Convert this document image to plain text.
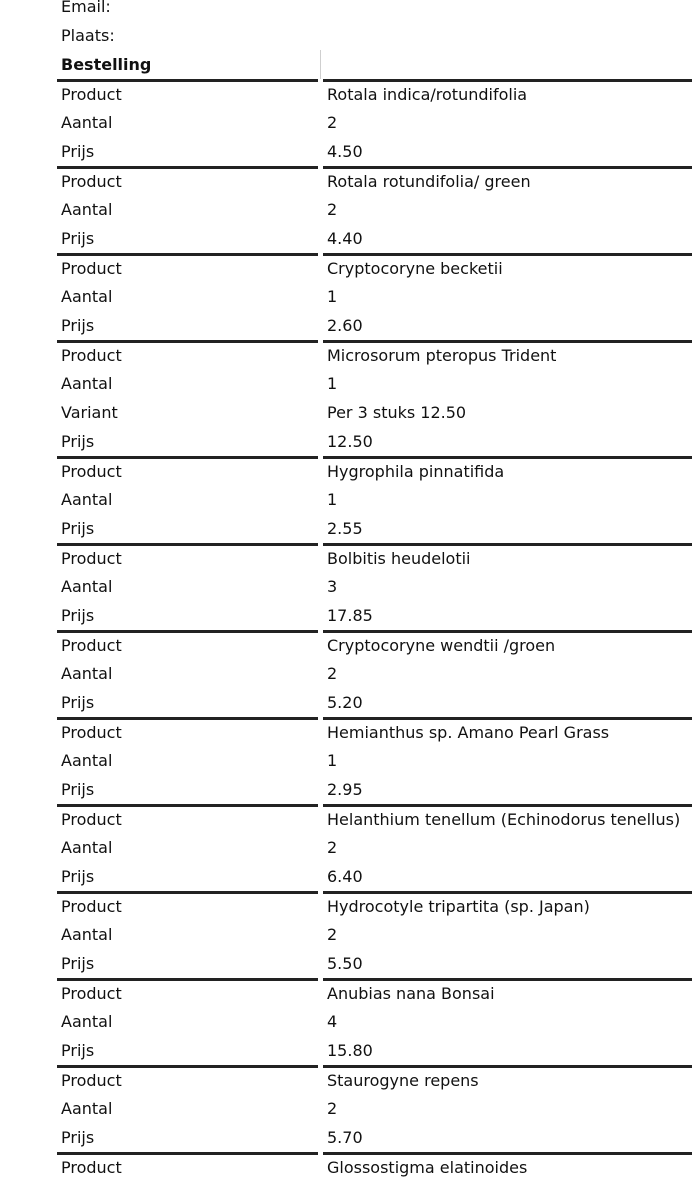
Email:
Plaats:
Bestelling
Product	Rotala indica/rotundifolia
Aantal	2
Prijs	4.50
Product	Rotala rotundifolia/ green
Aantal	2
Prijs	4.40
Product	Cryptocoryne becketii
Aantal	1
Prijs	2.60
Product	Microsorum pteropus Trident
Aantal	1
Variant	Per 3 stuks 12.50
Prijs	12.50
Product	Hygrophila pinnatifida
Aantal	1
Prijs	2.55
Product	Bolbitis heudelotii
Aantal	3
Prijs	17.85
Product	Cryptocoryne wendtii /groen
Aantal	2
Prijs	5.20
Product	Hemianthus sp. Amano Pearl Grass
Aantal	1
Prijs	2.95
Product	Helanthium tenellum (Echinodorus tenellus)
Aantal	2
Prijs	6.40
Product	Hydrocotyle tripartita (sp. Japan)
Aantal	2
Prijs	5.50
Product	Anubias nana Bonsai
Aantal	4
Prijs	15.80
Product	Staurogyne repens
Aantal	2
Prijs	5.70
Product	Glossostigma elatinoides
